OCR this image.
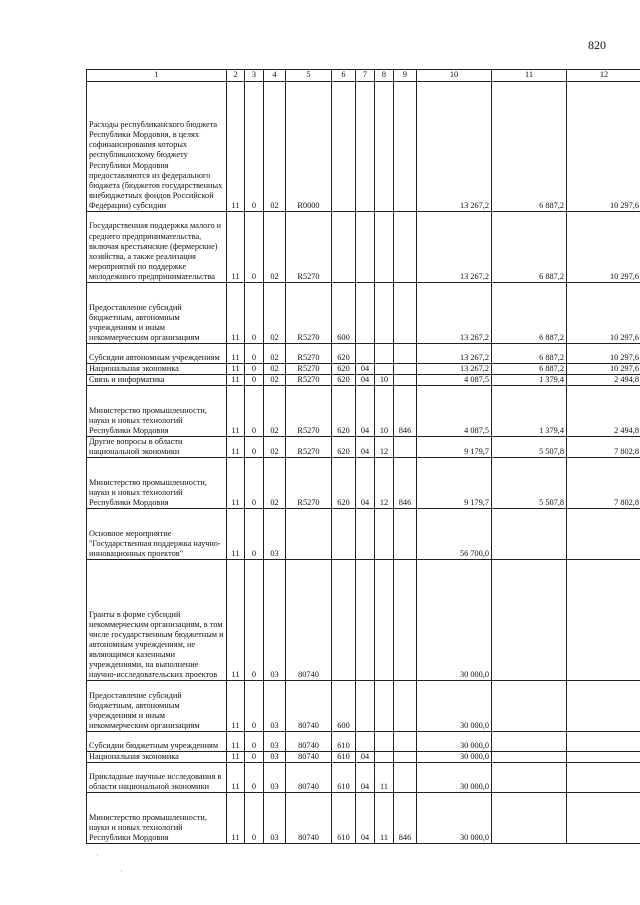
820
1	2	3	4	5	6	7	8	9	10	11	12
Расходы республиканского бюджета Республики Мордовия, в целях софинансирования которых республиканскому бюджету Республики Мордовия предоставляются из федерального бюджета (бюджетов государственных внебюджетных фондов Российской Федерации) субсидии	11	0	02	R0000					13 267,2	6 887,2	10 297,6
Государственная поддержка малого и среднего предпринимательства, включая крестьянские (фермерские) хозяйства, а также реализация мероприятий по поддержке молодежного предпринимательства	11	0	02	R5270					13 267,2	6 887,2	10 297,6
Предоставление субсидий бюджетным, автономным учреждениям и иным некоммерческим организациям	11	0	02	R5270	600				13 267,2	6 887,2	10 297,6
Субсидии автономным учреждениям	11	0	02	R5270	620				13 267,2	6 887,2	10 297,6
Национальная экономика	11	0	02	R5270	620	04			13 267,2	6 887,2	10 297,6
Связь и информатика	11	0	02	R5270	620	04	10		4 087,5	1 379,4	2 494,8
Министерство промышленности, науки и новых технологий Республики Мордовия	11	0	02	R5270	620	04	10	846	4 087,5	1 379,4	2 494,8
Другие вопросы в области национальной экономики	11	0	02	R5270	620	04	12		9 179,7	5 507,8	7 802,8
Министерство промышленности, науки и новых технологий Республики Мордовия	11	0	02	R5270	620	04	12	846	9 179,7	5 507,8	7 802,8
Основное мероприятие "Государственная поддержка научно-инновационных проектов"	11	0	03						56 700,0		
Гранты в форме субсидий некоммерческим организациям, в том числе государственным бюджетным и автономным учреждениям, не являющимся казенными учреждениями, на выполнение научно-исследовательских проектов	11	0	03	80740					30 000,0		
Предоставление субсидий бюджетным, автономным учреждениям и иным некоммерческим организациям	11	0	03	80740	600				30 000,0		
Субсидии бюджетным учреждениям	11	0	03	80740	610				30 000,0		
Национальная экономика	11	0	03	80740	610	04			30 000,0		
Прикладные научные исследования в области национальной экономики	11	0	03	80740	610	04	11		30 000,0		
Министерство промышленности, науки и новых технологий Республики Мордовия	11	0	03	80740	610	04	11	846	30 000,0		
·
·
